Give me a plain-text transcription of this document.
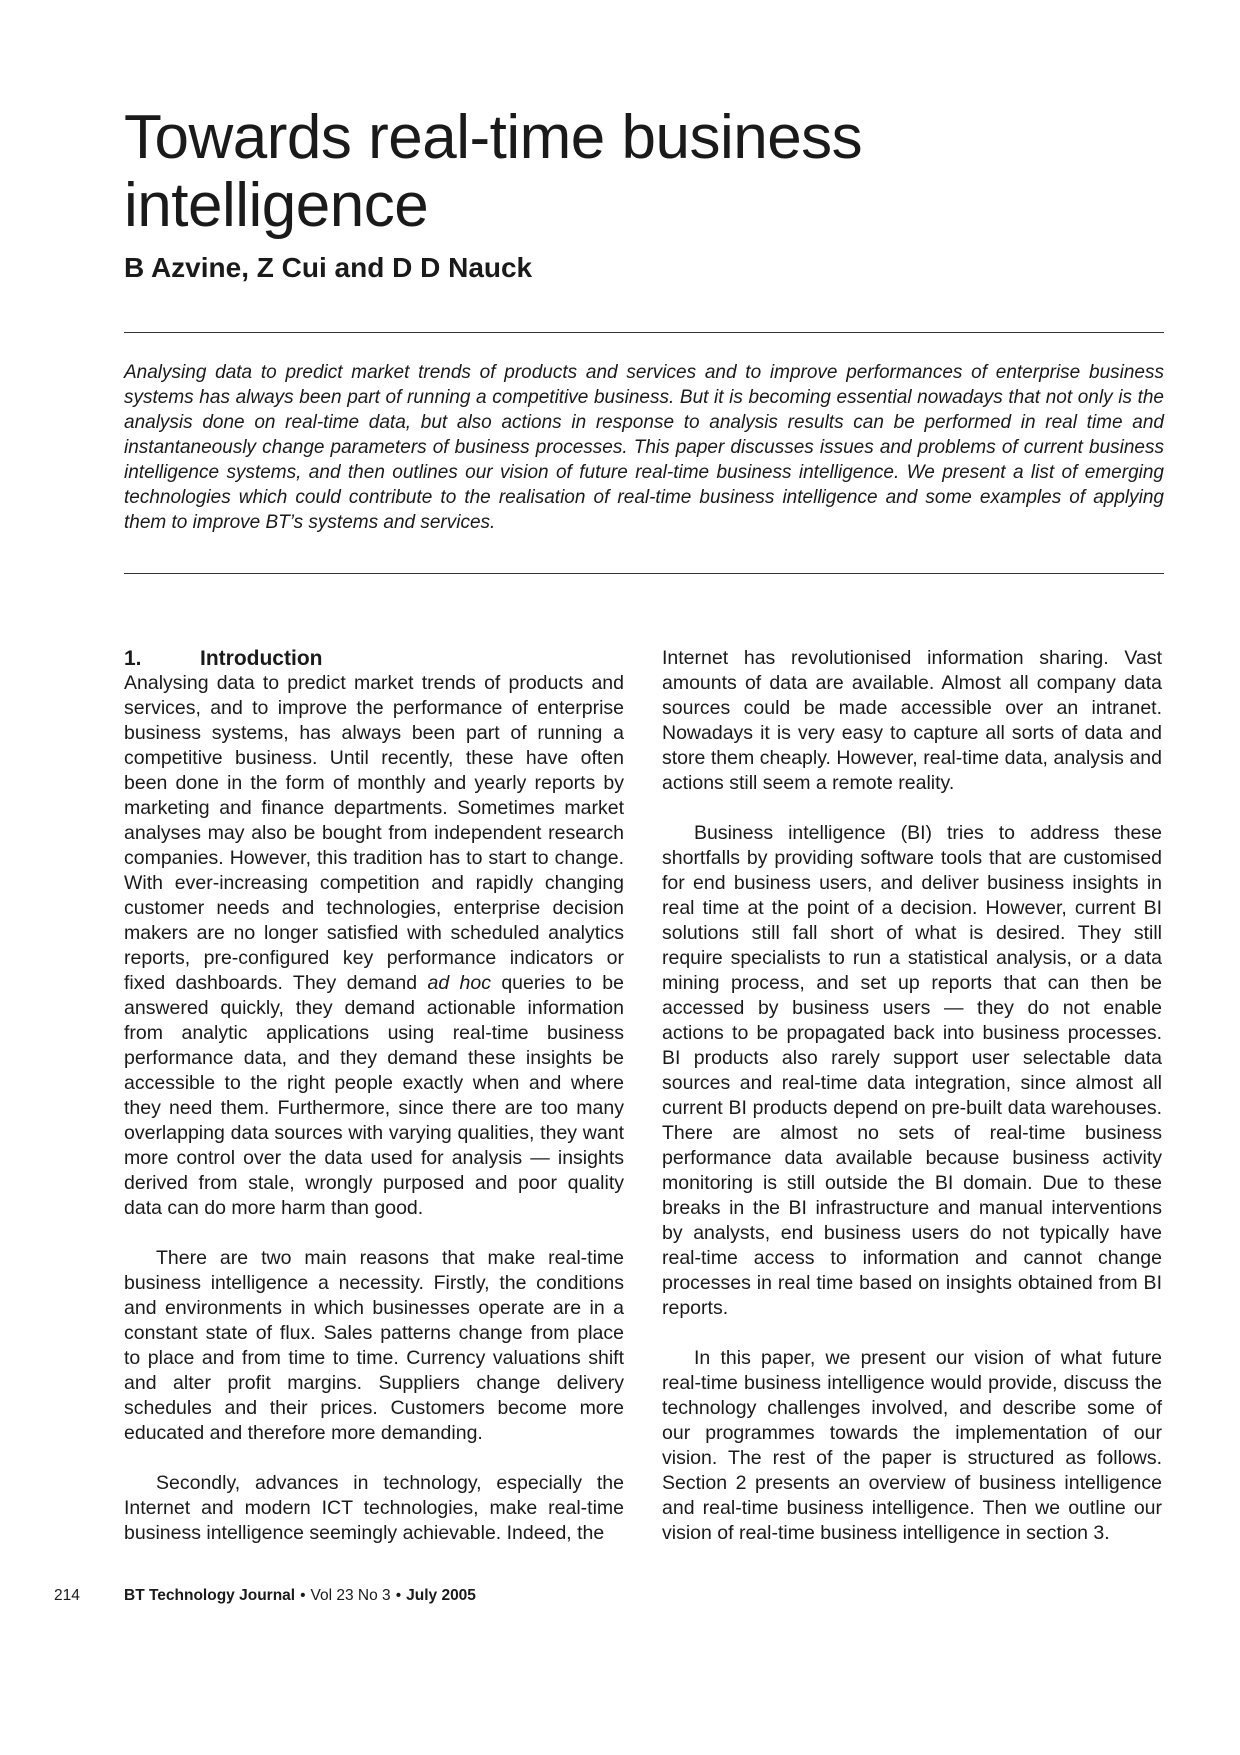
Towards real-time business intelligence
B Azvine, Z Cui and D D Nauck

Analysing data to predict market trends of products and services and to improve performances of enterprise business systems has always been part of running a competitive business. But it is becoming essential nowadays that not only is the analysis done on real-time data, but also actions in response to analysis results can be performed in real time and instantaneously change parameters of business processes. This paper discusses issues and problems of current business intelligence systems, and then outlines our vision of future real-time business intelligence. We present a list of emerging technologies which could contribute to the realisation of real-time business intelligence and some examples of applying them to improve BT’s systems and services.

1.	Introduction

Analysing data to predict market trends of products and services, and to improve the performance of enterprise business systems, has always been part of running a competitive business. Until recently, these have often been done in the form of monthly and yearly reports by marketing and finance departments. Sometimes market analyses may also be bought from independent research companies. However, this tradition has to start to change. With ever-increasing competition and rapidly changing customer needs and technologies, enterprise decision makers are no longer satisfied with scheduled analytics reports, pre-configured key performance indicators or fixed dashboards. They demand ad hoc queries to be answered quickly, they demand actionable information from analytic applications using real-time business performance data, and they demand these insights be accessible to the right people exactly when and where they need them. Furthermore, since there are too many overlapping data sources with varying qualities, they want more control over the data used for analysis — insights derived from stale, wrongly purposed and poor quality data can do more harm than good.

There are two main reasons that make real-time business intelligence a necessity. Firstly, the conditions and environments in which businesses operate are in a constant state of flux. Sales patterns change from place to place and from time to time. Currency valuations shift and alter profit margins. Suppliers change delivery schedules and their prices. Customers become more educated and therefore more demanding.

Secondly, advances in technology, especially the Internet and modern ICT technologies, make real-time business intelligence seemingly achievable. Indeed, the

Internet has revolutionised information sharing. Vast amounts of data are available. Almost all company data sources could be made accessible over an intranet. Nowadays it is very easy to capture all sorts of data and store them cheaply. However, real-time data, analysis and actions still seem a remote reality.

Business intelligence (BI) tries to address these shortfalls by providing software tools that are customised for end business users, and deliver business insights in real time at the point of a decision. However, current BI solutions still fall short of what is desired. They still require specialists to run a statistical analysis, or a data mining process, and set up reports that can then be accessed by business users — they do not enable actions to be propagated back into business processes. BI products also rarely support user selectable data sources and real-time data integration, since almost all current BI products depend on pre-built data warehouses. There are almost no sets of real-time business performance data available because business activity monitoring is still outside the BI domain. Due to these breaks in the BI infrastructure and manual interventions by analysts, end business users do not typically have real-time access to information and cannot change processes in real time based on insights obtained from BI reports.

In this paper, we present our vision of what future real-time business intelligence would provide, discuss the technology challenges involved, and describe some of our programmes towards the implementation of our vision. The rest of the paper is structured as follows. Section 2 presents an overview of business intelligence and real-time business intelligence. Then we outline our vision of real-time business intelligence in section 3.

214	BT Technology Journal • Vol 23 No 3 • July 2005
